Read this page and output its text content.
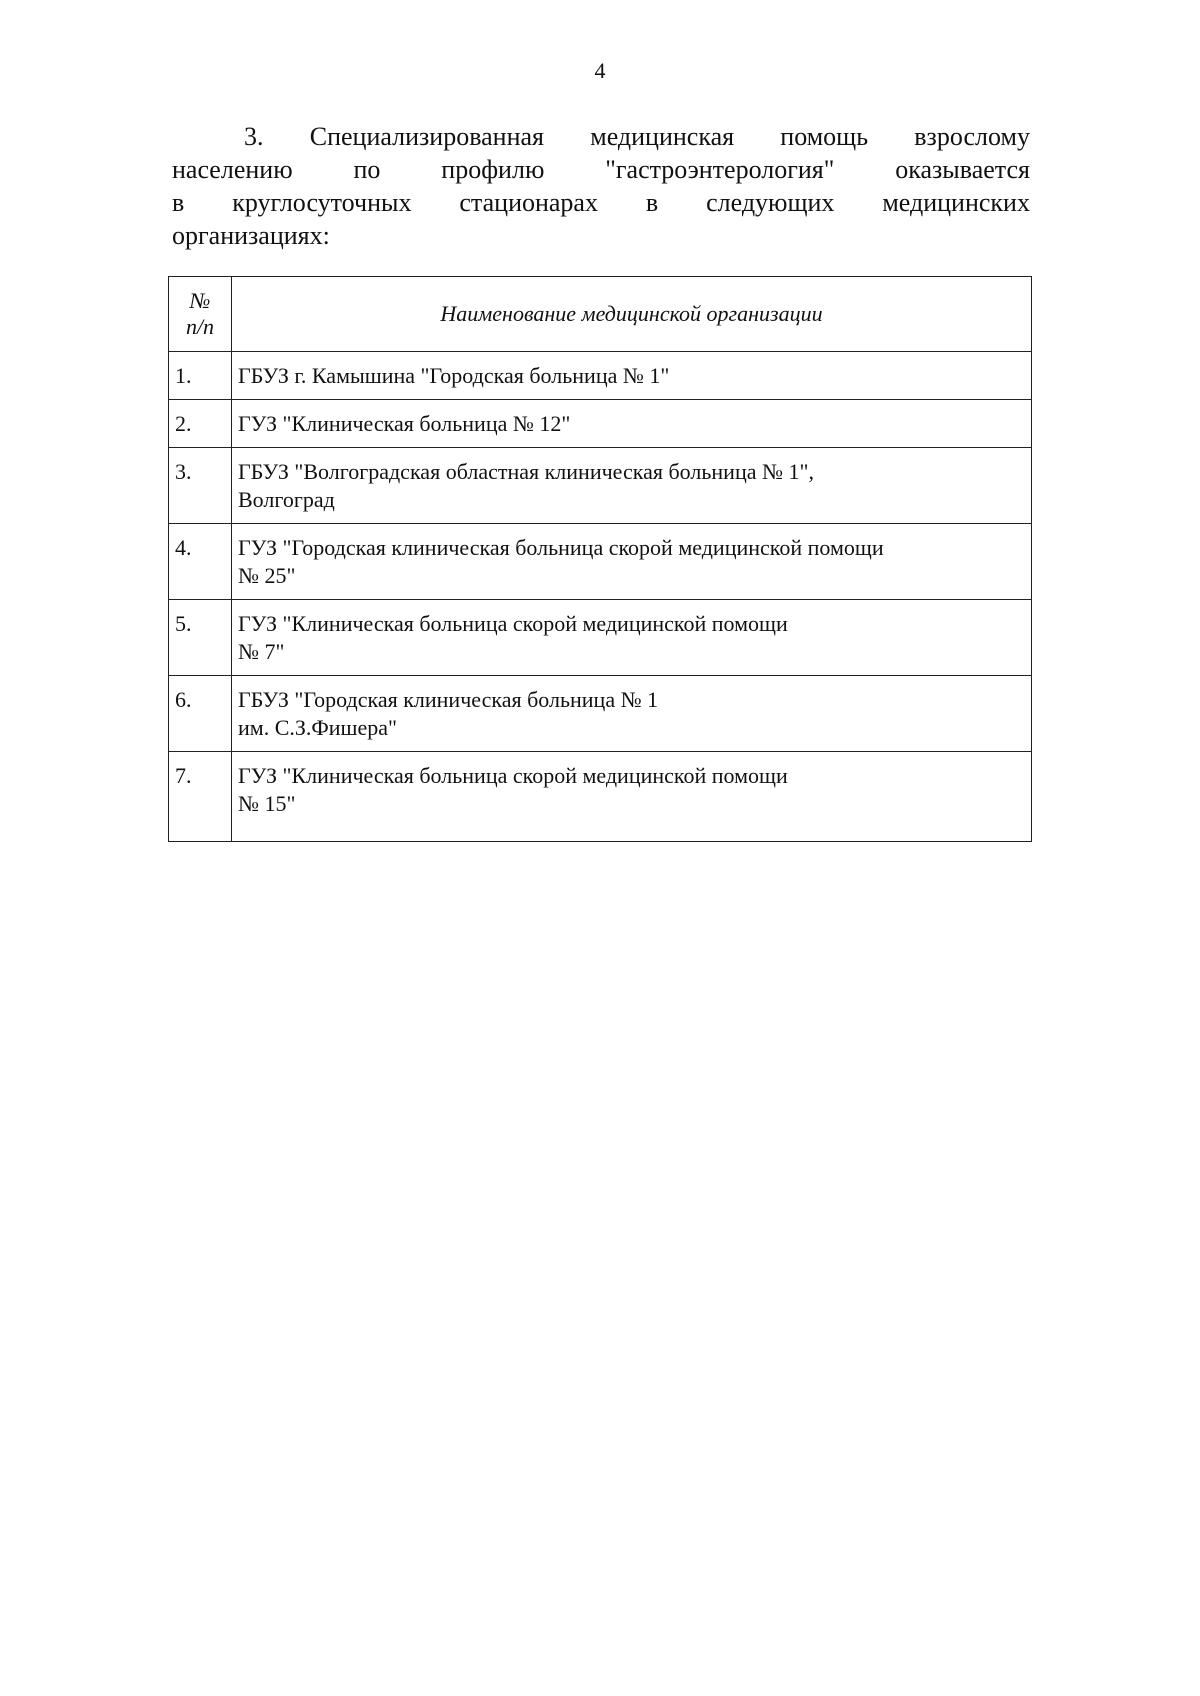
4
3. Специализированная медицинская помощь взрослому
населению по профилю "гастроэнтерология" оказывается
в круглосуточных стационарах в следующих медицинских
организациях:
№
п/п	Наименование медицинской организации
1.	ГБУЗ г. Камышина "Городская больница № 1"

2.	ГУЗ "Клиническая больница № 12"

3.	ГБУЗ "Волгоградская областная клиническая больница № 1",
Волгоград

4.	ГУЗ "Городская клиническая больница скорой медицинской помощи
№ 25"

5.	ГУЗ "Клиническая больница скорой медицинской помощи
№ 7"

6.	ГБУЗ "Городская клиническая больница № 1
им. С.З.Фишера"

7.	ГУЗ "Клиническая больница скорой медицинской помощи
№ 15"
